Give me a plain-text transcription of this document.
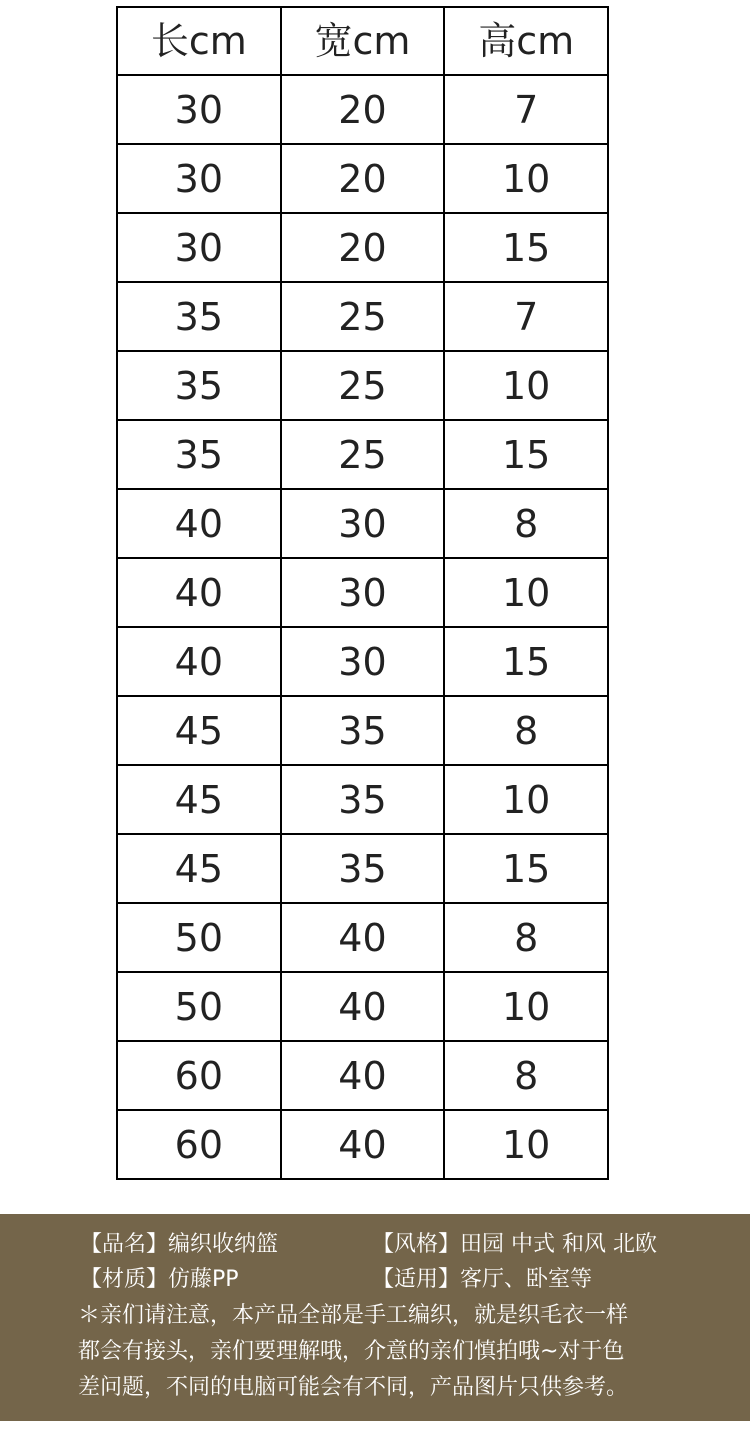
长cm	宽cm	高cm
30	20	7
30	20	10
30	20	15
35	25	7
35	25	10
35	25	15
40	30	8
40	30	10
40	30	15
45	35	8
45	35	10
45	35	15
50	40	8
50	40	10
60	40	8
60	40	10
【品名】编织收纳篮	【风格】田园 中式 和风 北欧
【材质】仿藤PP	【适用】客厅、卧室等
＊亲们请注意，本产品全部是手工编织，就是织毛衣一样
都会有接头，亲们要理解哦，介意的亲们慎拍哦~对于色
差问题，不同的电脑可能会有不同，产品图片只供参考。
